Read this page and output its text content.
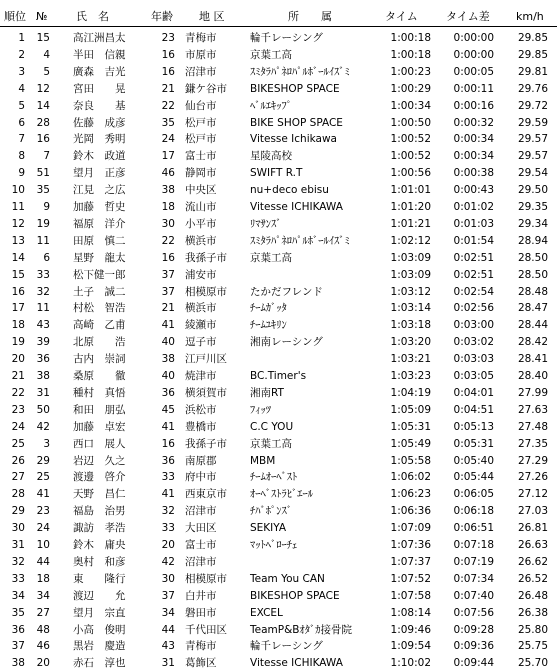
順位 №	氏　名	年齢	地 区	所　　属	タイム	タイム差	km/h
1	15 高江洲昌太	23 青梅市	輪千レーシング	1:00:18	0:00:00	29.85
2	4 半田　信親	16 市原市	京葉工高	1:00:18	0:00:00	29.85
3	5 廣森　吉光	16 沼津市	ｽﾐﾀﾗﾊﾟﾈﾛﾊﾟﾙﾎﾞｰﾙｲｽﾞﾐ	1:00:23	0:00:05	29.81
4	12 宮田　　晃	21 鎌ケ谷市	BIKESHOP SPACE	1:00:29	0:00:11	29.76
5	14 奈良　　基	22 仙台市	ﾍﾞﾙｴｷｯﾌﾟ	1:00:34	0:00:16	29.72
6	28 佐藤　成彦	35 松戸市	BIKE SHOP SPACE	1:00:50	0:00:32	29.59
7	16 光岡　秀明	24 松戸市	Vitesse Ichikawa	1:00:52	0:00:34	29.57
8	7 鈴木　政道	17 富士市	星陵高校	1:00:52	0:00:34	29.57
9	51 望月　正彦	46 静岡市	SWIFT R.T	1:00:56	0:00:38	29.54
10	35 江見　之広	38 中央区	nu+deco ebisu	1:01:01	0:00:43	29.50
11	9 加藤　哲史	18 流山市	Vitesse ICHIKAWA	1:01:20	0:01:02	29.35
12	19 福原　洋介	30 小平市	ﾘﾏｻﾝｽﾞ	1:01:21	0:01:03	29.34
13	11 田原　慎二	22 横浜市	ｽﾐﾀﾗﾊﾟﾈﾛﾊﾟﾙﾎﾞｰﾙｲｽﾞﾐ	1:02:12	0:01:54	28.94
14	6 星野　龍太	16 我孫子市	京葉工高	1:03:09	0:02:51	28.50
15	33 松下健一郎	37 浦安市	1:03:09	0:02:51	28.50
16	32 土子　誠二	37 相模原市	たかだフレンド	1:03:12	0:02:54	28.48
17	11 村松　智浩	21 横浜市	ﾁｰﾑｶﾞｯﾀ	1:03:14	0:02:56	28.47
18	43 高崎　乙甫	41 綾瀬市	ﾁｰﾑﾕｷﾘﾝ	1:03:18	0:03:00	28.44
19	39 北原　　浩	40 逗子市	湘南レーシング	1:03:20	0:03:02	28.42
20	36 古内　崇詞	38 江戸川区	1:03:21	0:03:03	28.41
21	38 桑原　　徹	40 焼津市	BC.Timer's	1:03:23	0:03:05	28.40
22	31 種村　真悟	36 横須賀市	湘南RT	1:04:19	0:04:01	27.99
23	50 和田　朋弘	45 浜松市	ﾌｨｯﾂ	1:05:09	0:04:51	27.63
24	42 加藤　卓宏	41 豊橋市	C.C YOU	1:05:31	0:05:13	27.48
25	3 西口　展人	16 我孫子市	京葉工高	1:05:49	0:05:31	27.35
26	29 岩辺　久之	36 南原郡	MBM	1:05:58	0:05:40	27.29
27	25 渡邊　啓介	33 府中市	ﾁｰﾑｵｰﾍﾞｽﾄ	1:06:02	0:05:44	27.26
28	41 天野　昌仁	41 西東京市	ｵｰﾍﾞｽﾄﾗﾋﾞｴｰﾙ	1:06:23	0:06:05	27.12
29	23 福島　治男	32 沼津市	ﾁﾊﾞﾎﾟﾝｽﾞ	1:06:36	0:06:18	27.03
30	24 諏訪　孝浩	33 大田区	SEKIYA	1:07:09	0:06:51	26.81
31	10 鈴木　庸央	20 富士市	ﾏｯﾄﾍﾞﾛｰﾁｪ	1:07:36	0:07:18	26.63
32	44 奥村　和彦	42 沼津市	1:07:37	0:07:19	26.62
33	18 東　　隆行	30 相模原市	Team You CAN	1:07:52	0:07:34	26.52
34	34 渡辺　　允	37 白井市	BIKESHOP SPACE	1:07:58	0:07:40	26.48
35	27 望月　宗直	34 磐田市	EXCEL	1:08:14	0:07:56	26.38
36	48 小高　俊明	44 千代田区	TeamP&Bｵﾀﾞｶ接骨院	1:09:46	0:09:28	25.80
37	46 黒岩　慶造	43 青梅市	輪千レーシング	1:09:54	0:09:36	25.75
38	20 赤石　淳也	31 葛飾区	Vitesse ICHIKAWA	1:10:02	0:09:44	25.70
